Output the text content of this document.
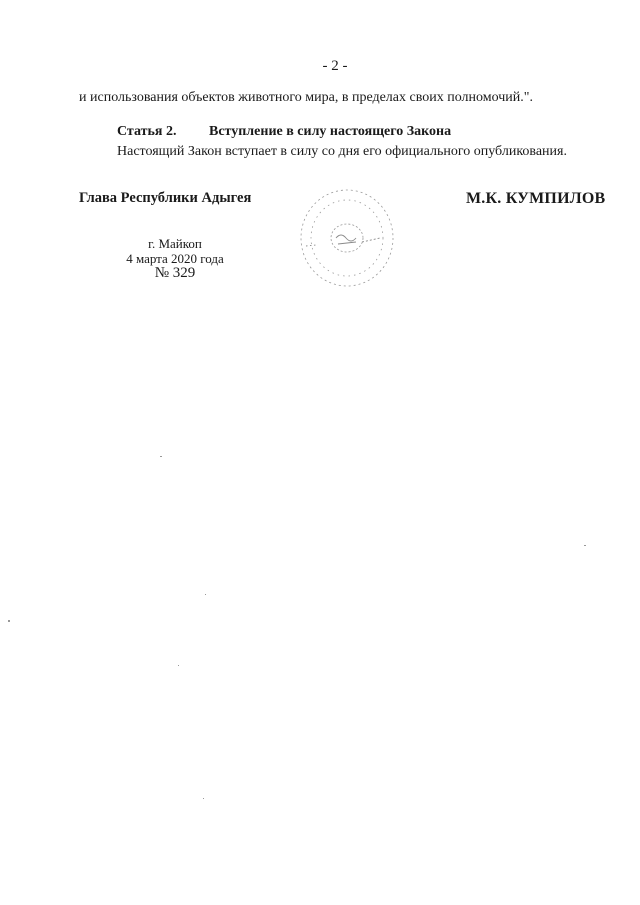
- 2 -
и использования объектов животного мира, в пределах своих полномочий.".
Статья 2. Вступление в силу настоящего Закона
Настоящий Закон вступает в силу со дня его официального опубликования.
Глава Республики Адыгея	М.К. КУМПИЛОВ
г. Майкоп
4 марта 2020 года
№ 329
